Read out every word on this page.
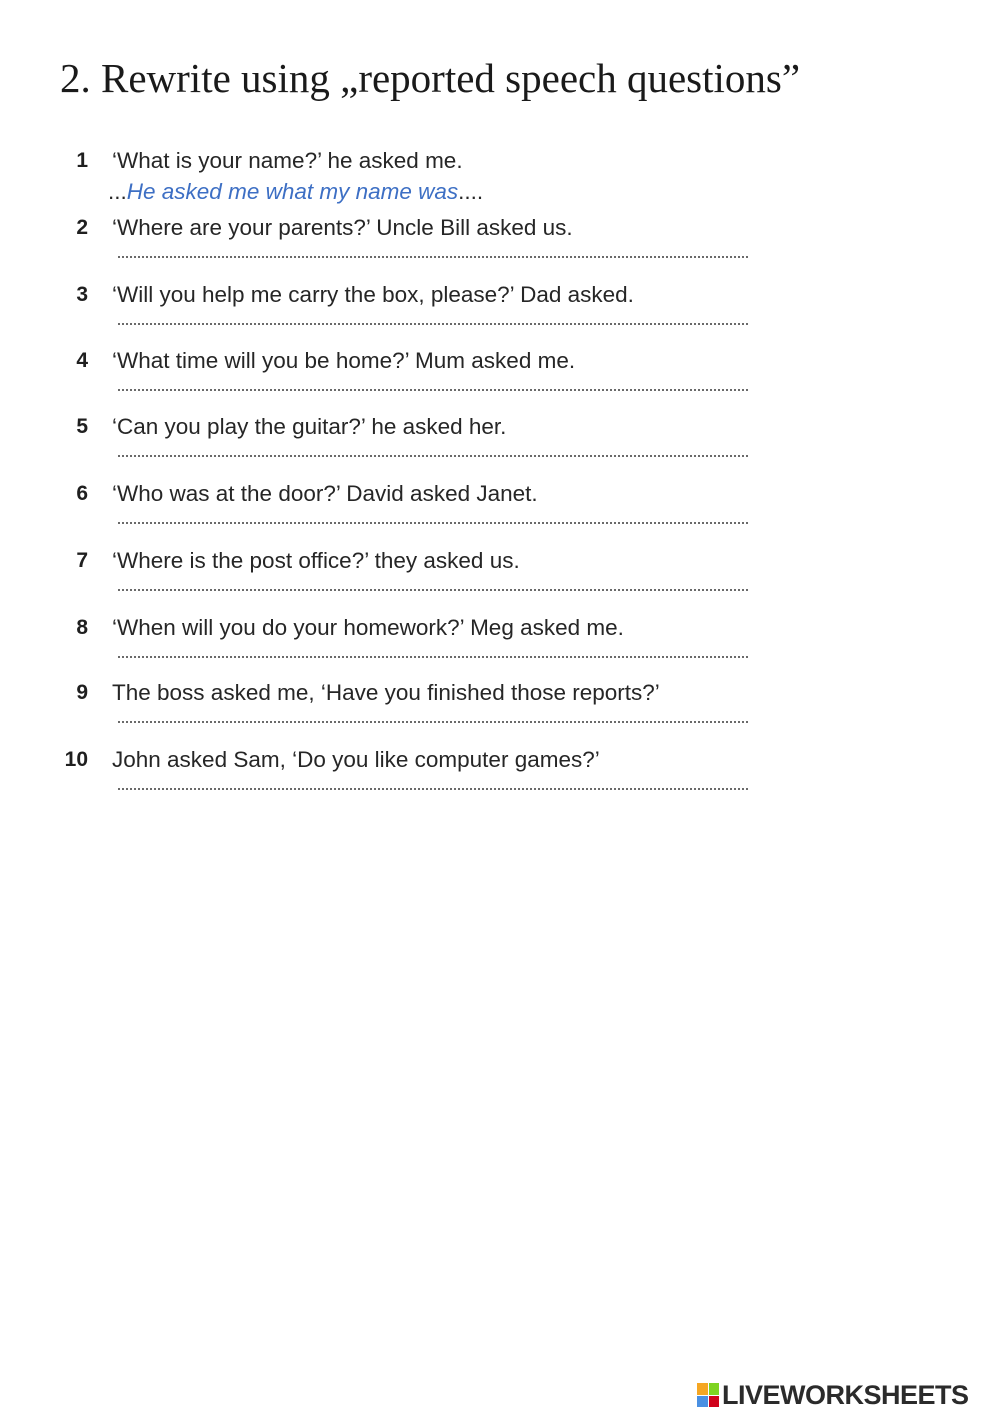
2. Rewrite using „reported speech questions”
1 ‘What is your name?’ he asked me.
...He asked me what my name was....
2 ‘Where are your parents?’ Uncle Bill asked us.
3 ‘Will you help me carry the box, please?’ Dad asked.
4 ‘What time will you be home?’ Mum asked me.
5 ‘Can you play the guitar?’ he asked her.
6 ‘Who was at the door?’ David asked Janet.
7 ‘Where is the post office?’ they asked us.
8 ‘When will you do your homework?’ Meg asked me.
9 The boss asked me, ‘Have you finished those reports?’
10 John asked Sam, ‘Do you like computer games?’
LIVEWORKSHEETS
